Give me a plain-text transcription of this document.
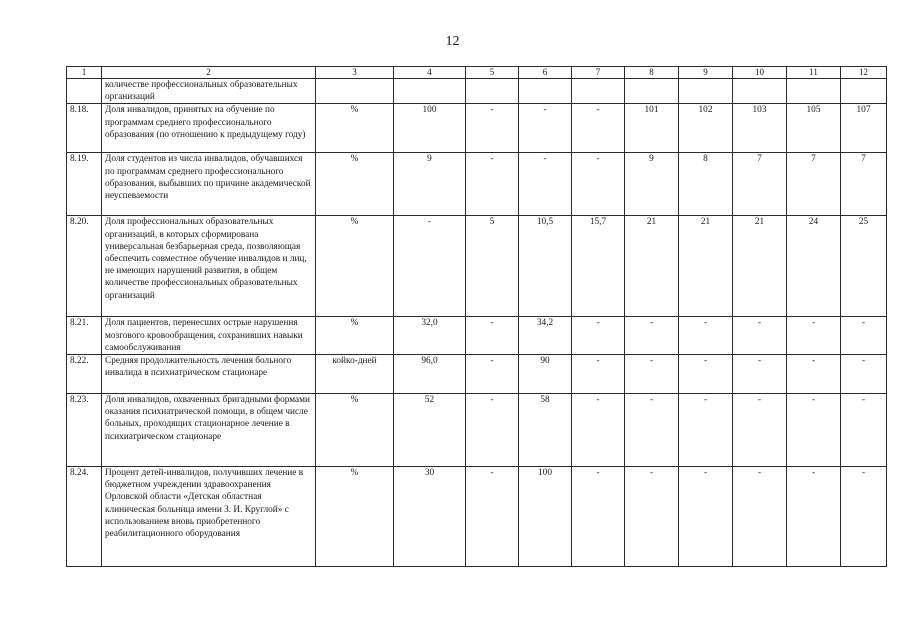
12
1	2	3	4	5	6	7	8	9	10	11	12
	количестве профессиональных образовательных организаций										
8.18.	Доля инвалидов, принятых на обучение по программам среднего профессионального образования (по отношению к предыдущему году)	%	100	-	-	-	101	102	103	105	107
8.19.	Доля студентов из числа инвалидов, обучавшихся по программам среднего профессионального образования, выбывших по причине академической неуспеваемости	%	9	-	-	-	9	8	7	7	7
8.20.	Доля профессиональных образовательных организаций, в которых сформирована универсальная безбарьерная среда, позволяющая обеспечить совместное обучение инвалидов и лиц, не имеющих нарушений развития, в общем количестве профессиональных образовательных организаций	%	-	5	10,5	15,7	21	21	21	24	25
8.21.	Доля пациентов, перенесших острые нарушения мозгового кровообращения, сохранивших навыки самообслуживания	%	32,0	-	34,2	-	-	-	-	-	-
8.22.	Средняя продолжительность лечения больного инвалида в психиатрическом стационаре	койко-дней	96,0	-	90	-	-	-	-	-	-
8.23.	Доля инвалидов, охваченных бригадными формами оказания психиатрической помощи, в общем числе больных, проходящих стационарное лечение в психиатрическом стационаре	%	52	-	58	-	-	-	-	-	-
8.24.	Процент детей-инвалидов, получивших лечение в бюджетном учреждении здравоохранения Орловской области «Детская областная клиническая больница имени З. И. Круглой» с использованием вновь приобретенного реабилитационного оборудования	%	30	-	100	-	-	-	-	-	-
